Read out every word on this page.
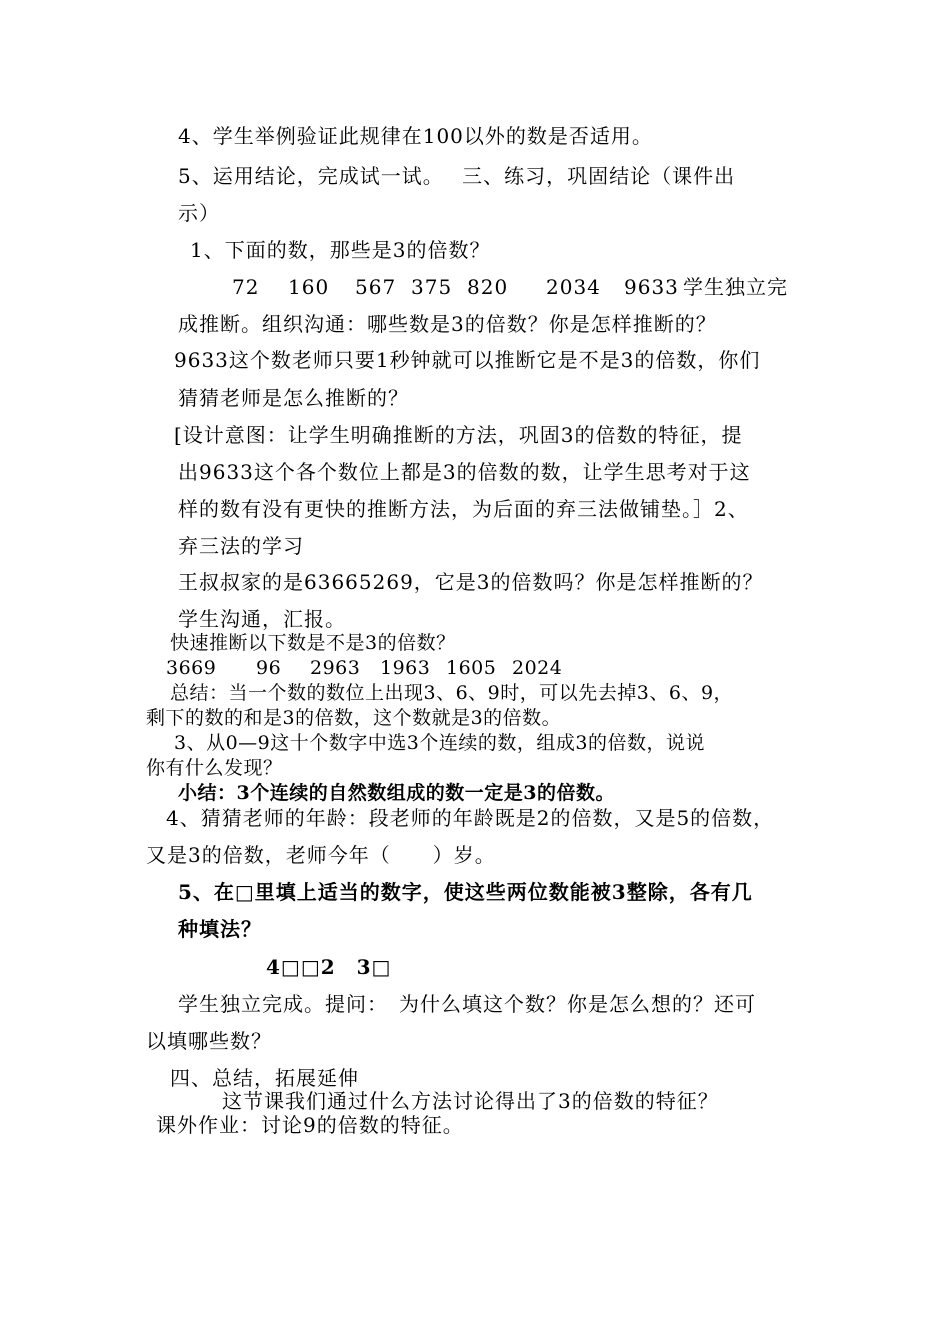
4、学生举例验证此规律在100以外的数是否适用。
5、运用结论，完成试一试。　 三、练习，巩固结论（课件出
示）
1、下面的数，那些是3的倍数？
72 160 567 375 820 2034 9633 学生独立完
成推断。组织沟通：哪些数是3的倍数？你是怎样推断的？
9633这个数老师只要1秒钟就可以推断它是不是3的倍数，你们
猜猜老师是怎么推断的？
[设计意图：让学生明确推断的方法，巩固3的倍数的特征，提
出9633这个各个数位上都是3的倍数的数，让学生思考对于这
样的数有没有更快的推断方法，为后面的弃三法做铺垫。］2、
弃三法的学习
王叔叔家的是63665269，它是3的倍数吗？你是怎样推断的？
学生沟通，汇报。
快速推断以下数是不是3的倍数？
3669 96 2963 1963 1605 2024
总结：当一个数的数位上出现3、6、9时，可以先去掉3、6、9，
剩下的数的和是3的倍数，这个数就是3的倍数。
3、从0—9这十个数字中选3个连续的数，组成3的倍数，说说
你有什么发现？
小结：3个连续的自然数组成的数一定是3的倍数。
4、猜猜老师的年龄：段老师的年龄既是2的倍数，又是5的倍数，
又是3的倍数，老师今年（　　）岁。
5、在□里填上适当的数字，使这些两位数能被3整除，各有几
种填法？
4□□2　3□
学生独立完成。提问：　为什么填这个数？你是怎么想的？还可
以填哪些数？
四、总结，拓展延伸
这节课我们通过什么方法讨论得出了3的倍数的特征？
课外作业：讨论9的倍数的特征。
